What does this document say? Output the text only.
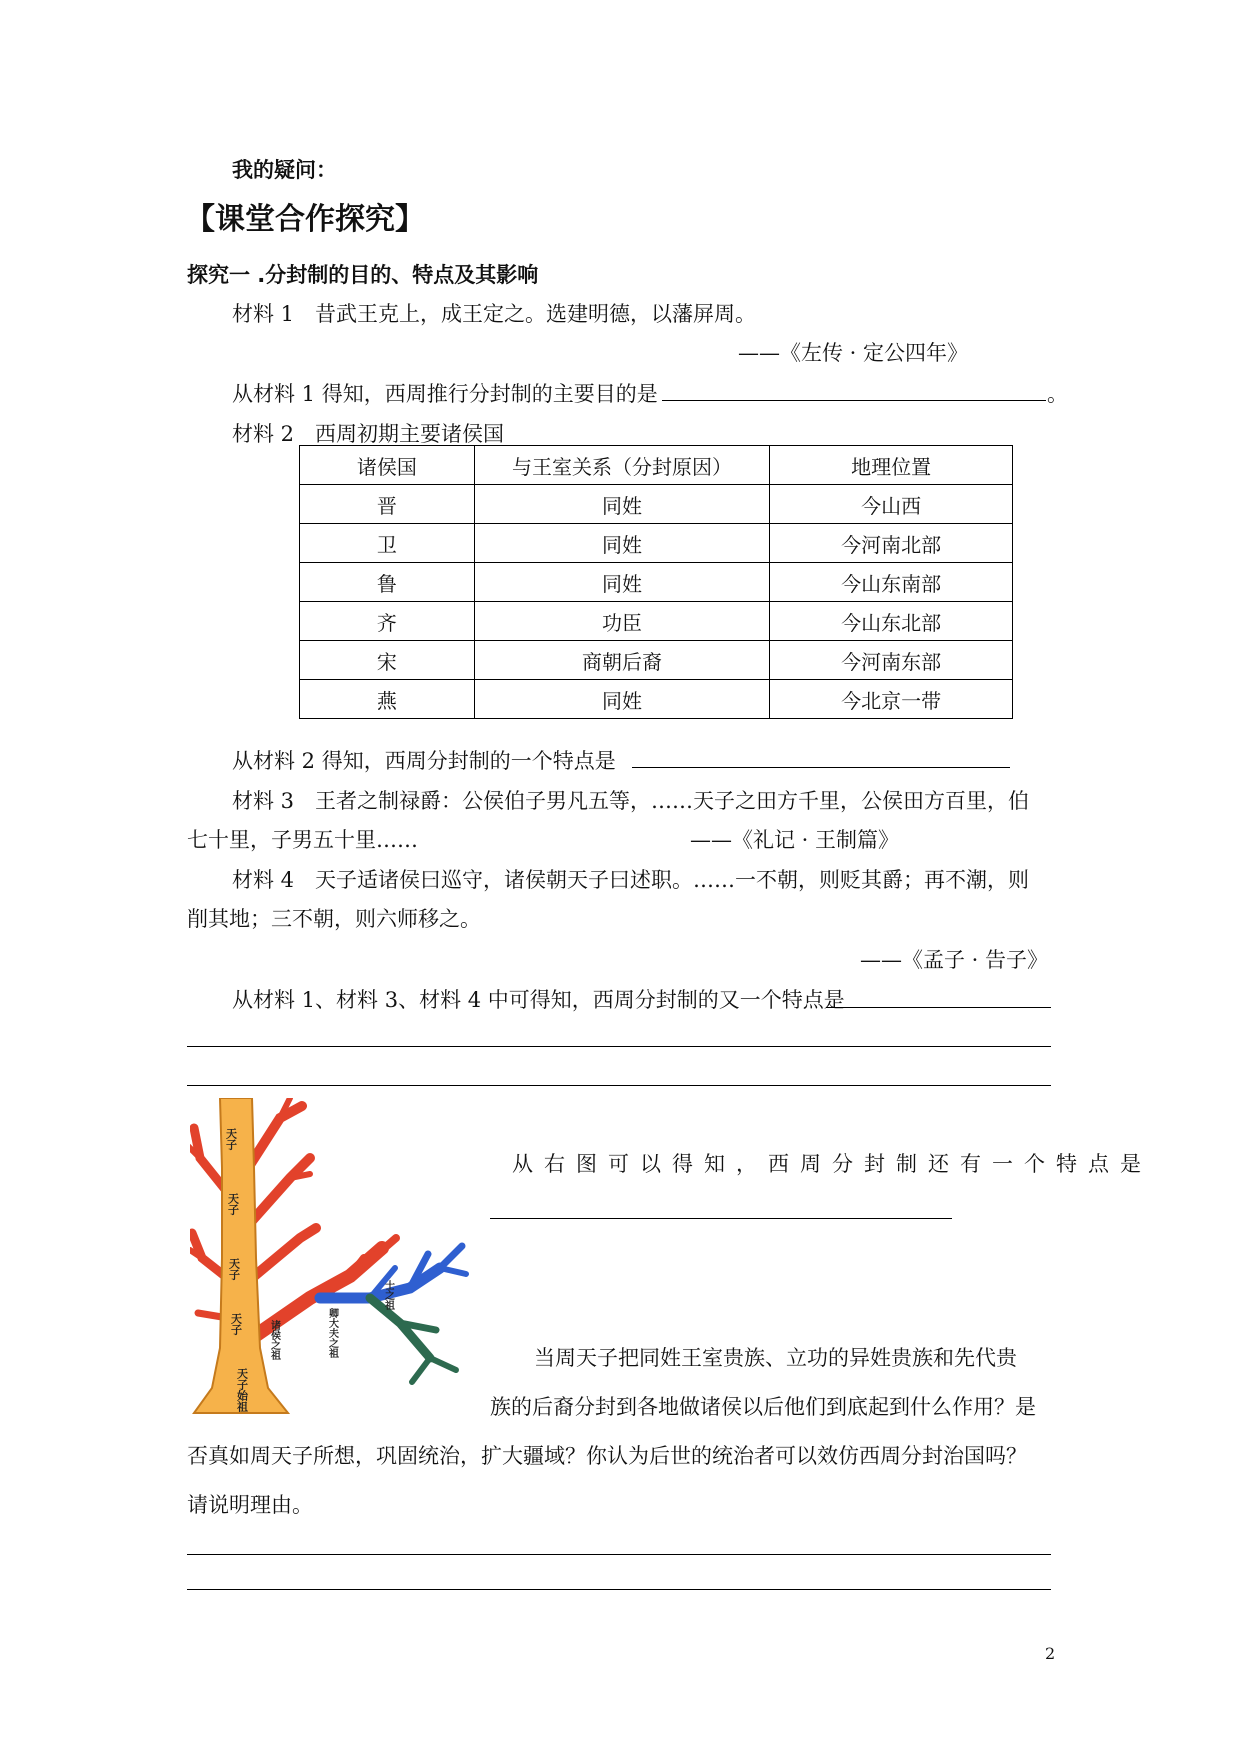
我的疑问：
【课堂合作探究】
探究一 .分封制的目的、特点及其影响
材料 1　昔武王克上，成王定之。选建明德，以藩屏周。
——《左传 · 定公四年》
从材料 1 得知，西周推行分封制的主要目的是	。
材料 2　西周初期主要诸侯国
诸侯国	与王室关系（分封原因）	地理位置
晋	同姓	今山西
卫	同姓	今河南北部
鲁	同姓	今山东南部
齐	功臣	今山东北部
宋	商朝后裔	今河南东部
燕	同姓	今北京一带
从材料 2 得知，西周分封制的一个特点是
材料 3　王者之制禄爵：公侯伯子男凡五等，……天子之田方千里，公侯田方百里，伯
七十里，子男五十里……	——《礼记 · 王制篇》
材料 4　天子适诸侯曰巡守，诸侯朝天子曰述职。……一不朝，则贬其爵；再不潮，则
削其地；三不朝，则六师移之。
——《孟子 · 告子》
从材料 1、材料 3、材料 4 中可得知，西周分封制的又一个特点是
天子
天子
天子
天子
天子始祖
诸侯之祖	卿大夫之祖
士之祖
从右图可以得知，西周分封制还有一个特点是
当周天子把同姓王室贵族、立功的异姓贵族和先代贵
族的后裔分封到各地做诸侯以后他们到底起到什么作用？是
否真如周天子所想，巩固统治，扩大疆域？你认为后世的统治者可以效仿西周分封治国吗？
请说明理由。
2
